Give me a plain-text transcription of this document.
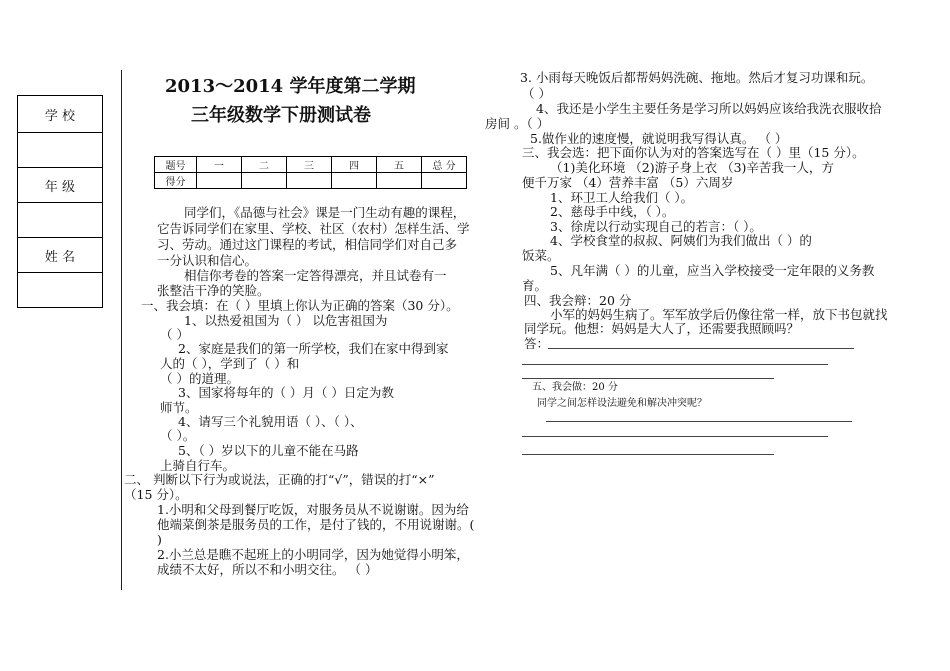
学 校

年 级

姓 名

2013～2014 学年度第二学期
三年级数学下册测试卷
题号	一	二	三	四	五	总 分
得分						
同学们，《品德与社会》课是一门生动有趣的课程，
它告诉同学们在家里、学校、社区（农村）怎样生活、学
习、劳动。通过这门课程的考试，相信同学们对自己多
一分认识和信心。
相信你考卷的答案一定答得漂亮，并且试卷有一
张整洁干净的笑脸。
一、我会填：在（ ）里填上你认为正确的答案（30 分）。
1、以热爱祖国为（ ） 以危害祖国为
（ ）
2、家庭是我们的第一所学校，我们在家中得到家
人的（ ），学到了（ ）和
（ ）的道理。
3、国家将每年的（ ）月（ ）日定为教
师节。
4、请写三个礼貌用语（ ）、（ ）、
（ ）。
5、（ ）岁以下的儿童不能在马路
上骑自行车。
二、 判断以下行为或说法，正确的打“√”，错误的打“×”
（15 分）。
1.小明和父母到餐厅吃饭，对服务员从不说谢谢。因为给
他端菜倒茶是服务员的工作，是付了钱的，不用说谢谢。(
)
2.小兰总是瞧不起班上的小明同学，因为她觉得小明笨，
成绩不太好，所以不和小明交往。 （ ）
3. 小雨每天晚饭后都帮妈妈洗碗、拖地。然后才复习功课和玩。
（ ）
4、我还是小学生主要任务是学习所以妈妈应该给我洗衣服收拾
房间 。（ ）
5.做作业的速度慢，就说明我写得认真。 （ ）
三、我会选：把下面你认为对的答案选写在（ ）里（15 分）。
（1)美化环境 （2)游子身上衣 （3)辛苦我一人，方
便千万家 （4）营养丰富 （5）六周岁
1、环卫工人给我们（ ）。
2、慈母手中线，（ ）。
3、徐虎以行动实现自己的若言：（ ）。
4、学校食堂的叔叔、阿姨们为我们做出（ ）的
饭菜。
5、凡年满（ ）的儿童，应当入学校接受一定年限的义务教
育。
四、我会辩：20 分
小军的妈妈生病了。军军放学后仍像往常一样，放下书包就找
同学玩。他想：妈妈是大人了，还需要我照顾吗？
答：
五、我会做：20 分
同学之间怎样设法避免和解决冲突呢？
